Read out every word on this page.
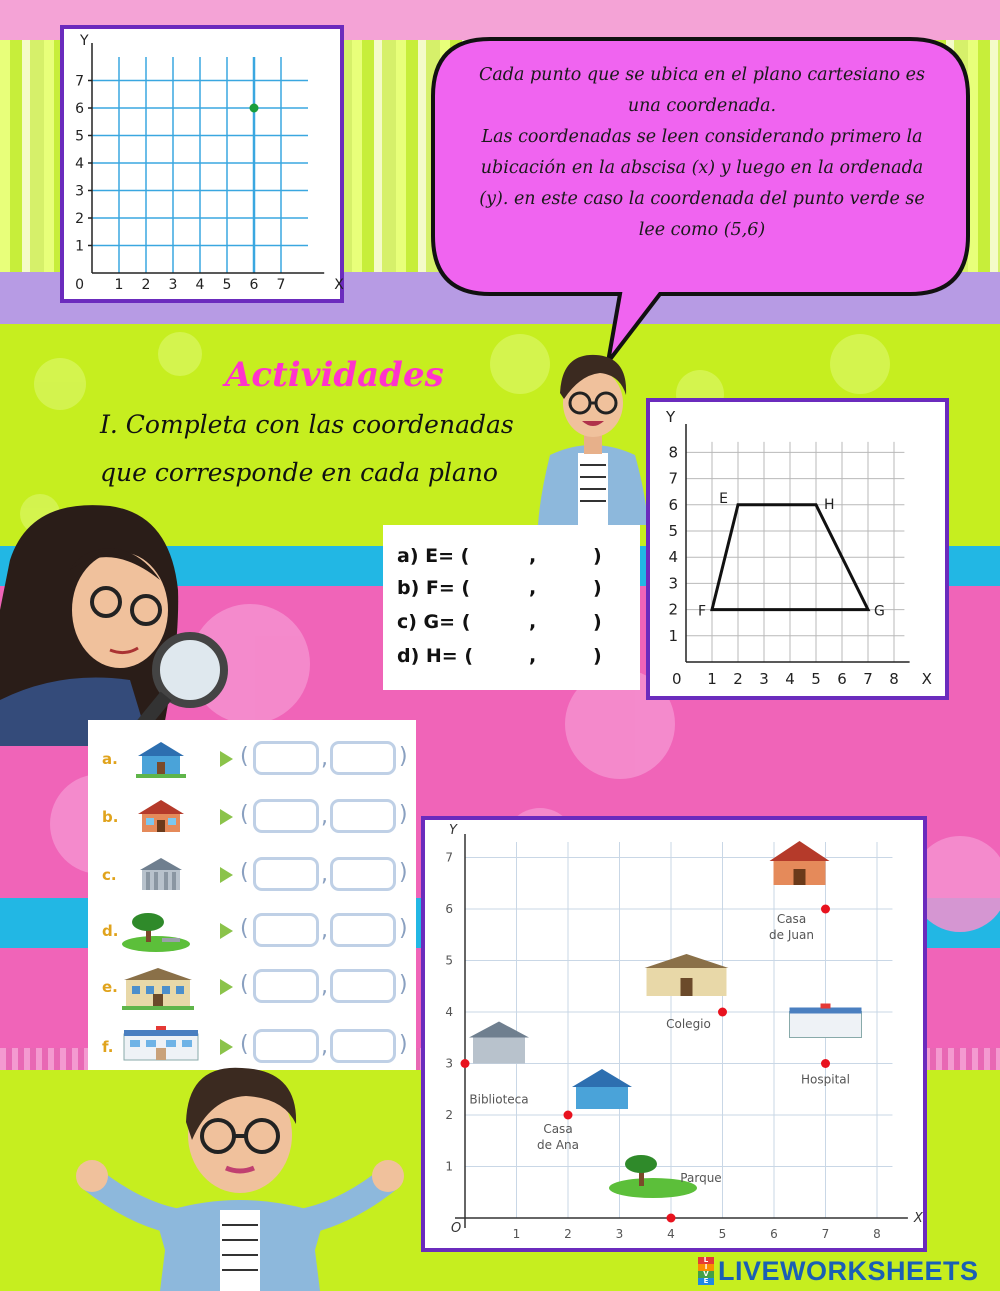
1 2 3 4 5 6 7
1
2
3
4
5
6
7
X
Y
0
Cada punto que se ubica en el plano cartesiano es
una coordenada.
Las coordenadas se leen considerando primero la
ubicación en la abscisa (x) y luego en la ordenada
(y). en este caso la coordenada del punto verde se
lee como (5,6)
Actividades
I. Completa con las coordenadas
que corresponde en cada plano
a) E= (	,	)
b) F= (	,	)
c) G= (	,	)
d) H= (	,	)
1 2 3 4 5 6 7 8
1
2
3
4
5
6
7
8
X
Y
0
E	H
G
F
a.	(	,	)
b.	(	,	)
c.	(	,	)
d.	(	,	)
e.	(	,	)
f.	(	,	)
1	2	3	4	5	6	7	8
1
2
3
4
5
6
7
X
Y
O
Casa
de Juan
Colegio
Hospital
Biblioteca
Casa
de Ana
Parque
L
I
V
E LIVEWORKSHEETS
